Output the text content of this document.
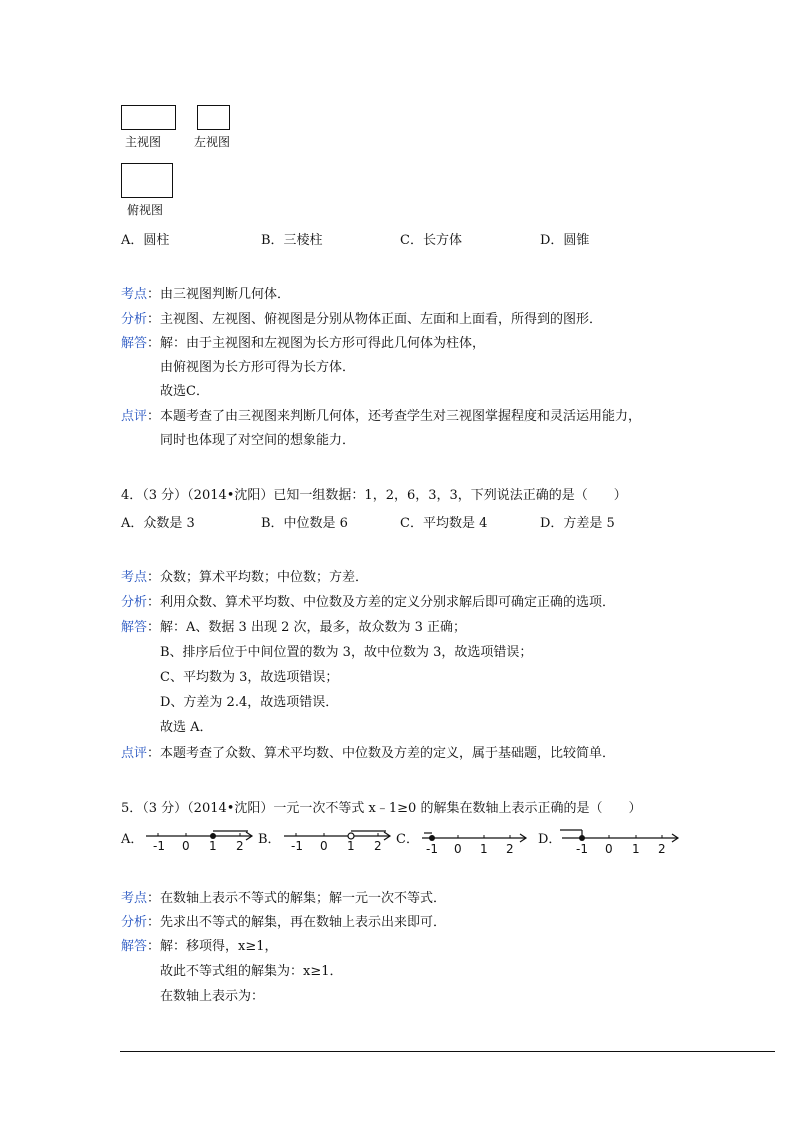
主视图	左视图
俯视图
A．圆柱	B．三棱柱	C．长方体	D．圆锥
考点：由三视图判断几何体．
分析：主视图、左视图、俯视图是分别从物体正面、左面和上面看，所得到的图形．
解答：解：由于主视图和左视图为长方形可得此几何体为柱体，
由俯视图为长方形可得为长方体．
故选C．
点评：本题考查了由三视图来判断几何体，还考查学生对三视图掌握程度和灵活运用能力，
同时也体现了对空间的想象能力．
4．（3 分）（2014•沈阳）已知一组数据：1，2，6，3，3，下列说法正确的是（　　）
A．众数是 3	B．中位数是 6	C．平均数是 4	D．方差是 5
考点：众数；算术平均数；中位数；方差．
分析：利用众数、算术平均数、中位数及方差的定义分别求解后即可确定正确的选项．
解答：解：A、数据 3 出现 2 次，最多，故众数为 3 正确；
B、排序后位于中间位置的数为 3，故中位数为 3，故选项错误；
C、平均数为 3，故选项错误；
D、方差为 2.4，故选项错误．
故选 A．
点评：本题考查了众数、算术平均数、中位数及方差的定义，属于基础题，比较简单．
5．（3 分）（2014•沈阳）一元一次不等式 x﹣1≥0 的解集在数轴上表示正确的是（　　）
A． -1 0 1 2 B． -1 0 1 2 C．
-1 0 1 2
D．
-1 0 1 2
考点：在数轴上表示不等式的解集；解一元一次不等式．
分析：先求出不等式的解集，再在数轴上表示出来即可．
解答：解：移项得，x≥1，
故此不等式组的解集为：x≥1．
在数轴上表示为：
